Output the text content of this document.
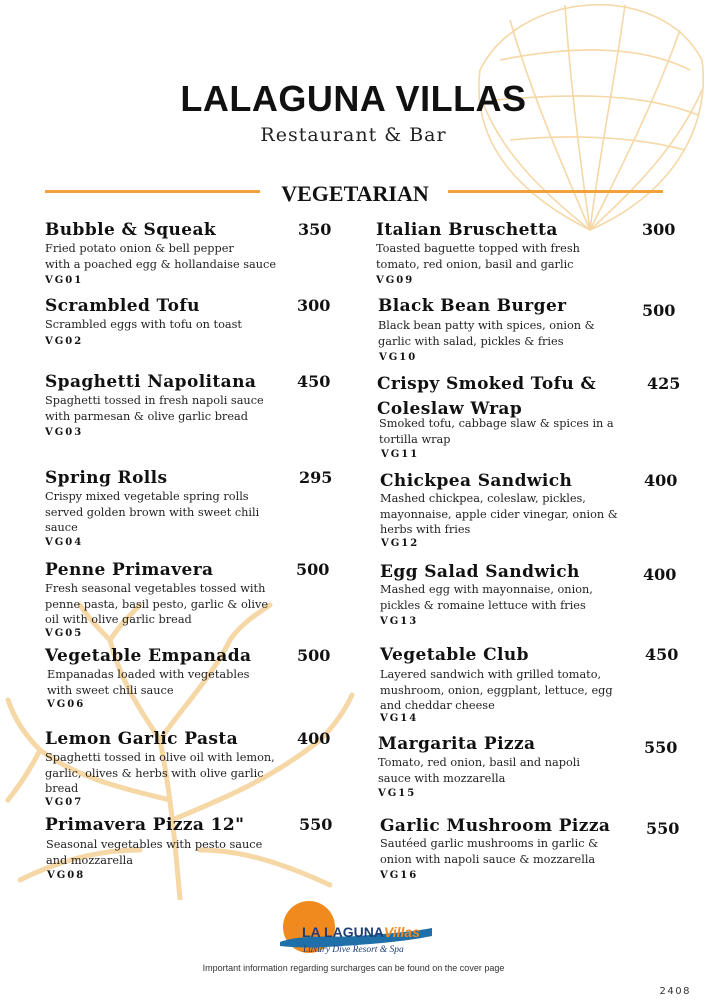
LALAGUNA VILLAS
Restaurant & Bar
VEGETARIAN
Bubble & Squeak	350
Fried potato onion & bell pepper
with a poached egg & hollandaise sauce
VG01
Scrambled Tofu	300
Scrambled eggs with tofu on toast
VG02
Spaghetti Napolitana	450
Spaghetti tossed in fresh napoli sauce
with parmesan & olive garlic bread
VG03
Spring Rolls	295
Crispy mixed vegetable spring rolls
served golden brown with sweet chili
sauce
VG04
Penne Primavera	500
Fresh seasonal vegetables tossed with
penne pasta, basil pesto, garlic & olive
oil with olive garlic bread
VG05
Vegetable Empanada	500
Empanadas loaded with vegetables
with sweet chili sauce
VG06
Lemon Garlic Pasta	400
Spaghetti tossed in olive oil with lemon,
garlic, olives & herbs with olive garlic
bread
VG07
Primavera Pizza 12"	550
Seasonal vegetables with pesto sauce
and mozzarella
VG08
Italian Bruschetta	300
Toasted baguette topped with fresh
tomato, red onion, basil and garlic
VG09
Black Bean Burger	500
Black bean patty with spices, onion &
garlic with salad, pickles & fries
VG10
Crispy Smoked Tofu & Coleslaw Wrap
425
Smoked tofu, cabbage slaw & spices in a
tortilla wrap
VG11
Chickpea Sandwich	400
Mashed chickpea, coleslaw, pickles,
mayonnaise, apple cider vinegar, onion &
herbs with fries
VG12
Egg Salad Sandwich	400
Mashed egg with mayonnaise, onion,
pickles & romaine lettuce with fries
VG13
Vegetable Club	450
Layered sandwich with grilled tomato,
mushroom, onion, eggplant, lettuce, egg
and cheddar cheese
VG14
Margarita Pizza	550
Tomato, red onion, basil and napoli
sauce with mozzarella
VG15
Garlic Mushroom Pizza 550
Sautéed garlic mushrooms in garlic &
onion with napoli sauce & mozzarella
VG16
LA LAGUNAVillas
Luxury Dive Resort & Spa
Important information regarding surcharges can be found on the cover page
2408
